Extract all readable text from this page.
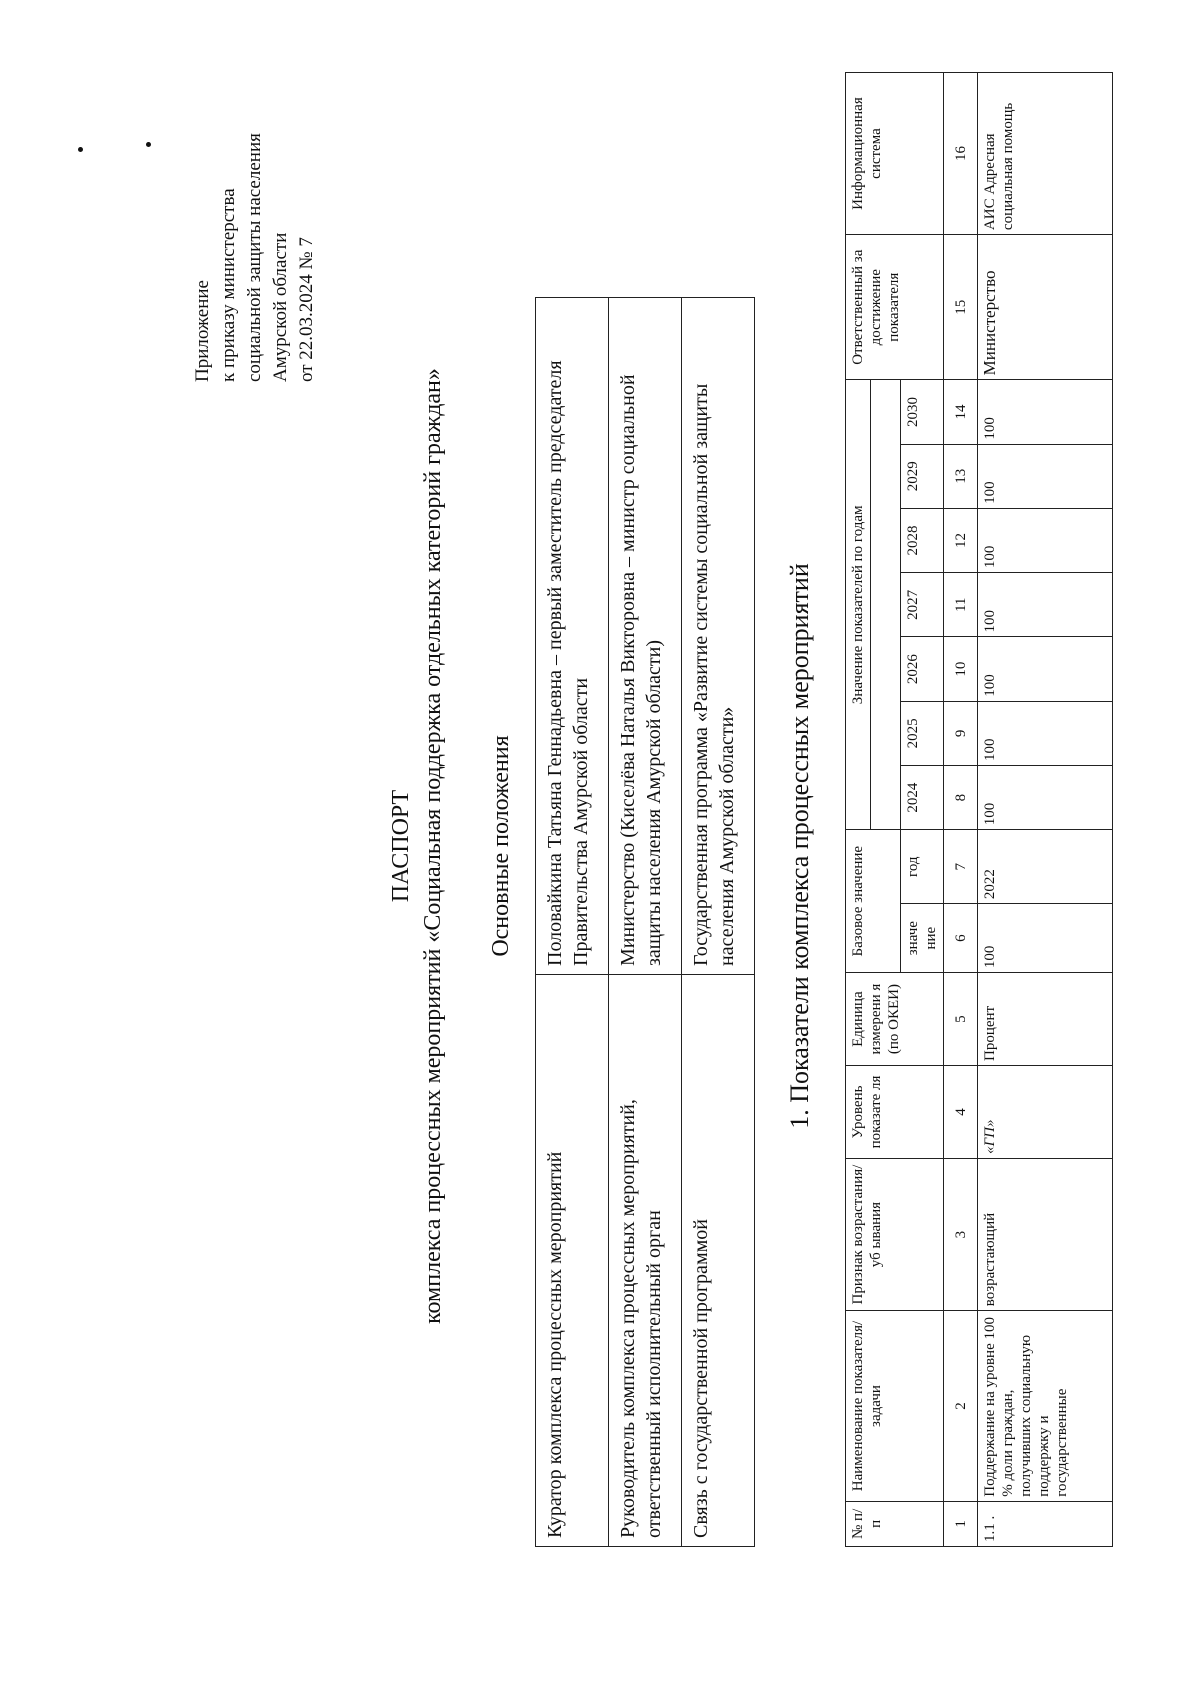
Приложение
к приказу министерства
социальной защиты населения
Амурской области
от 22.03.2024 № 7
ПАСПОРТ комплекса процессных мероприятий «Социальная поддержка отдельных категорий граждан» Основные положения
Куратор комплекса процессных мероприятий	Половайкина Татьяна Геннадьевна – первый заместитель председателя Правительства Амурской области
Руководитель комплекса процессных мероприятий, ответственный исполнительный орган	Министерство (Киселёва Наталья Викторовна – министр социальной защиты населения Амурской области)
Связь с государственной программой	Государственная программа «Развитие системы социальной защиты населения Амурской области» 1. Показатели комплекса процессных мероприятий
№ п/п	Наименование показателя/задачи	Признак возрастания/уб ывания	Уровень показате ля	Единица измерени я (по ОКЕИ)	Базовое значение		Значение показателей по годам							Ответственный за достижение показателя	Информационная система

					значе ние	год	2024	2025	2026	2027	2028	2029	2030		
1	2	3	4	5	6	7	8	9	10	11	12	13	14	15	16
1.1 .	Поддержание на уровне 100 % доли граждан, получивших социальную поддержку и государственные	возрастающий	«ГП»	Процент	100	2022	100	100	100	100	100	100	100	Министерство	АИС Адресная социальная помощь
